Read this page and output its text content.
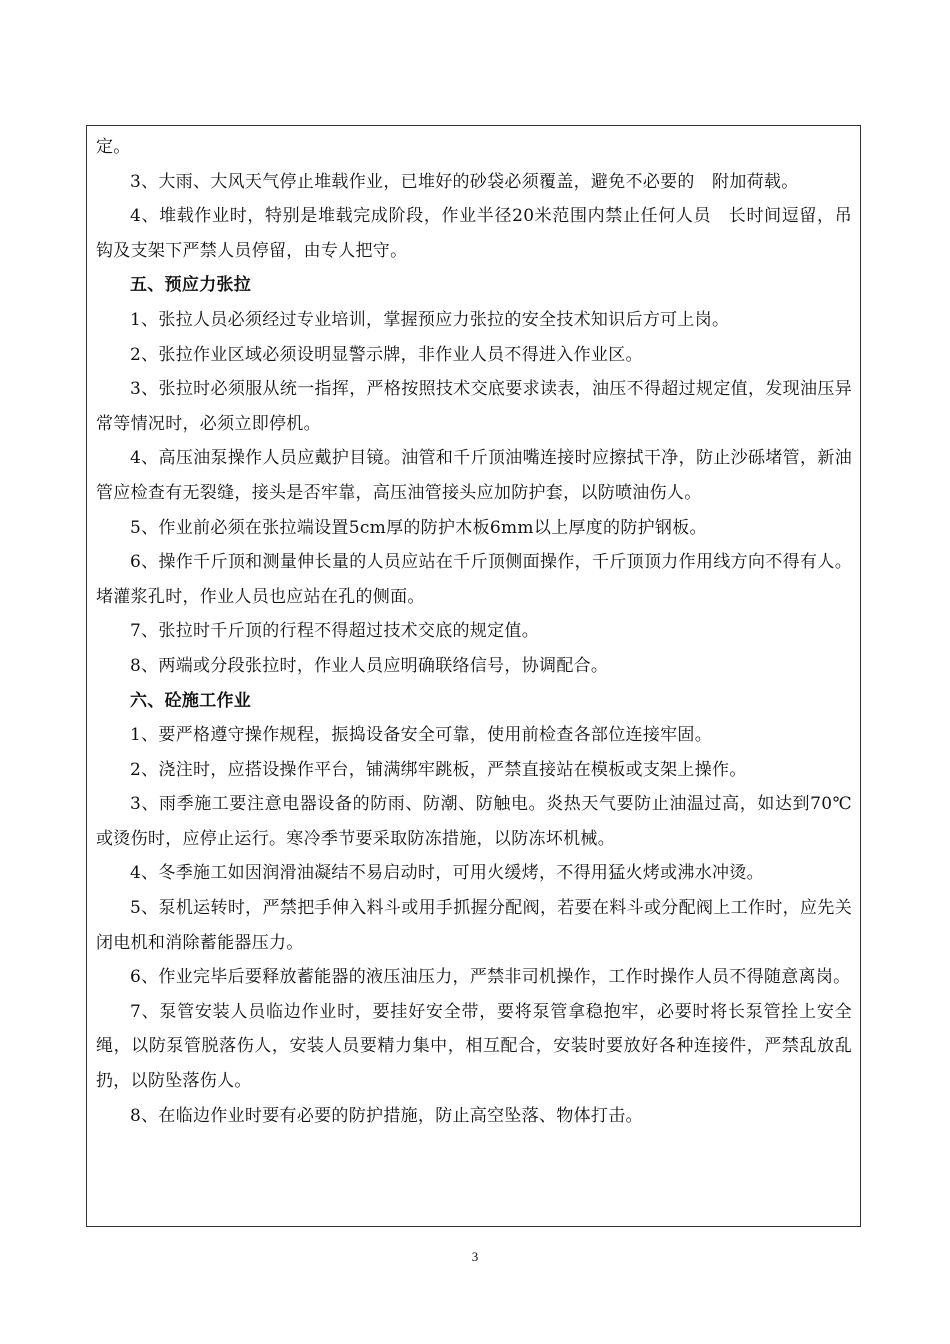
定。

3、大雨、大风天气停止堆载作业，已堆好的砂袋必须覆盖，避免不必要的　附加荷载。

4、堆载作业时，特别是堆载完成阶段，作业半径20米范围内禁止任何人员　长时间逗留，吊钩及支架下严禁人员停留，由专人把守。

五、预应力张拉

1、张拉人员必须经过专业培训，掌握预应力张拉的安全技术知识后方可上岗。

2、张拉作业区域必须设明显警示牌，非作业人员不得进入作业区。

3、张拉时必须服从统一指挥，严格按照技术交底要求读表，油压不得超过规定值，发现油压异常等情况时，必须立即停机。

4、高压油泵操作人员应戴护目镜。油管和千斤顶油嘴连接时应擦拭干净，防止沙砾堵管，新油管应检查有无裂缝，接头是否牢靠，高压油管接头应加防护套，以防喷油伤人。

5、作业前必须在张拉端设置5cm厚的防护木板6mm以上厚度的防护钢板。

6、操作千斤顶和测量伸长量的人员应站在千斤顶侧面操作，千斤顶顶力作用线方向不得有人。堵灌浆孔时，作业人员也应站在孔的侧面。

7、张拉时千斤顶的行程不得超过技术交底的规定值。

8、两端或分段张拉时，作业人员应明确联络信号，协调配合。

六、砼施工作业

1、要严格遵守操作规程，振捣设备安全可靠，使用前检查各部位连接牢固。

2、浇注时，应搭设操作平台，铺满绑牢跳板，严禁直接站在模板或支架上操作。

3、雨季施工要注意电器设备的防雨、防潮、防触电。炎热天气要防止油温过高，如达到70℃或烫伤时，应停止运行。寒冷季节要采取防冻措施，以防冻坏机械。

4、冬季施工如因润滑油凝结不易启动时，可用火缓烤，不得用猛火烤或沸水冲烫。

5、泵机运转时，严禁把手伸入料斗或用手抓握分配阀，若要在料斗或分配阀上工作时，应先关闭电机和消除蓄能器压力。

6、作业完毕后要释放蓄能器的液压油压力，严禁非司机操作，工作时操作人员不得随意离岗。

7、泵管安装人员临边作业时，要挂好安全带，要将泵管拿稳抱牢，必要时将长泵管拴上安全绳，以防泵管脱落伤人，安装人员要精力集中，相互配合，安装时要放好各种连接件，严禁乱放乱扔，以防坠落伤人。

8、在临边作业时要有必要的防护措施，防止高空坠落、物体打击。

3
